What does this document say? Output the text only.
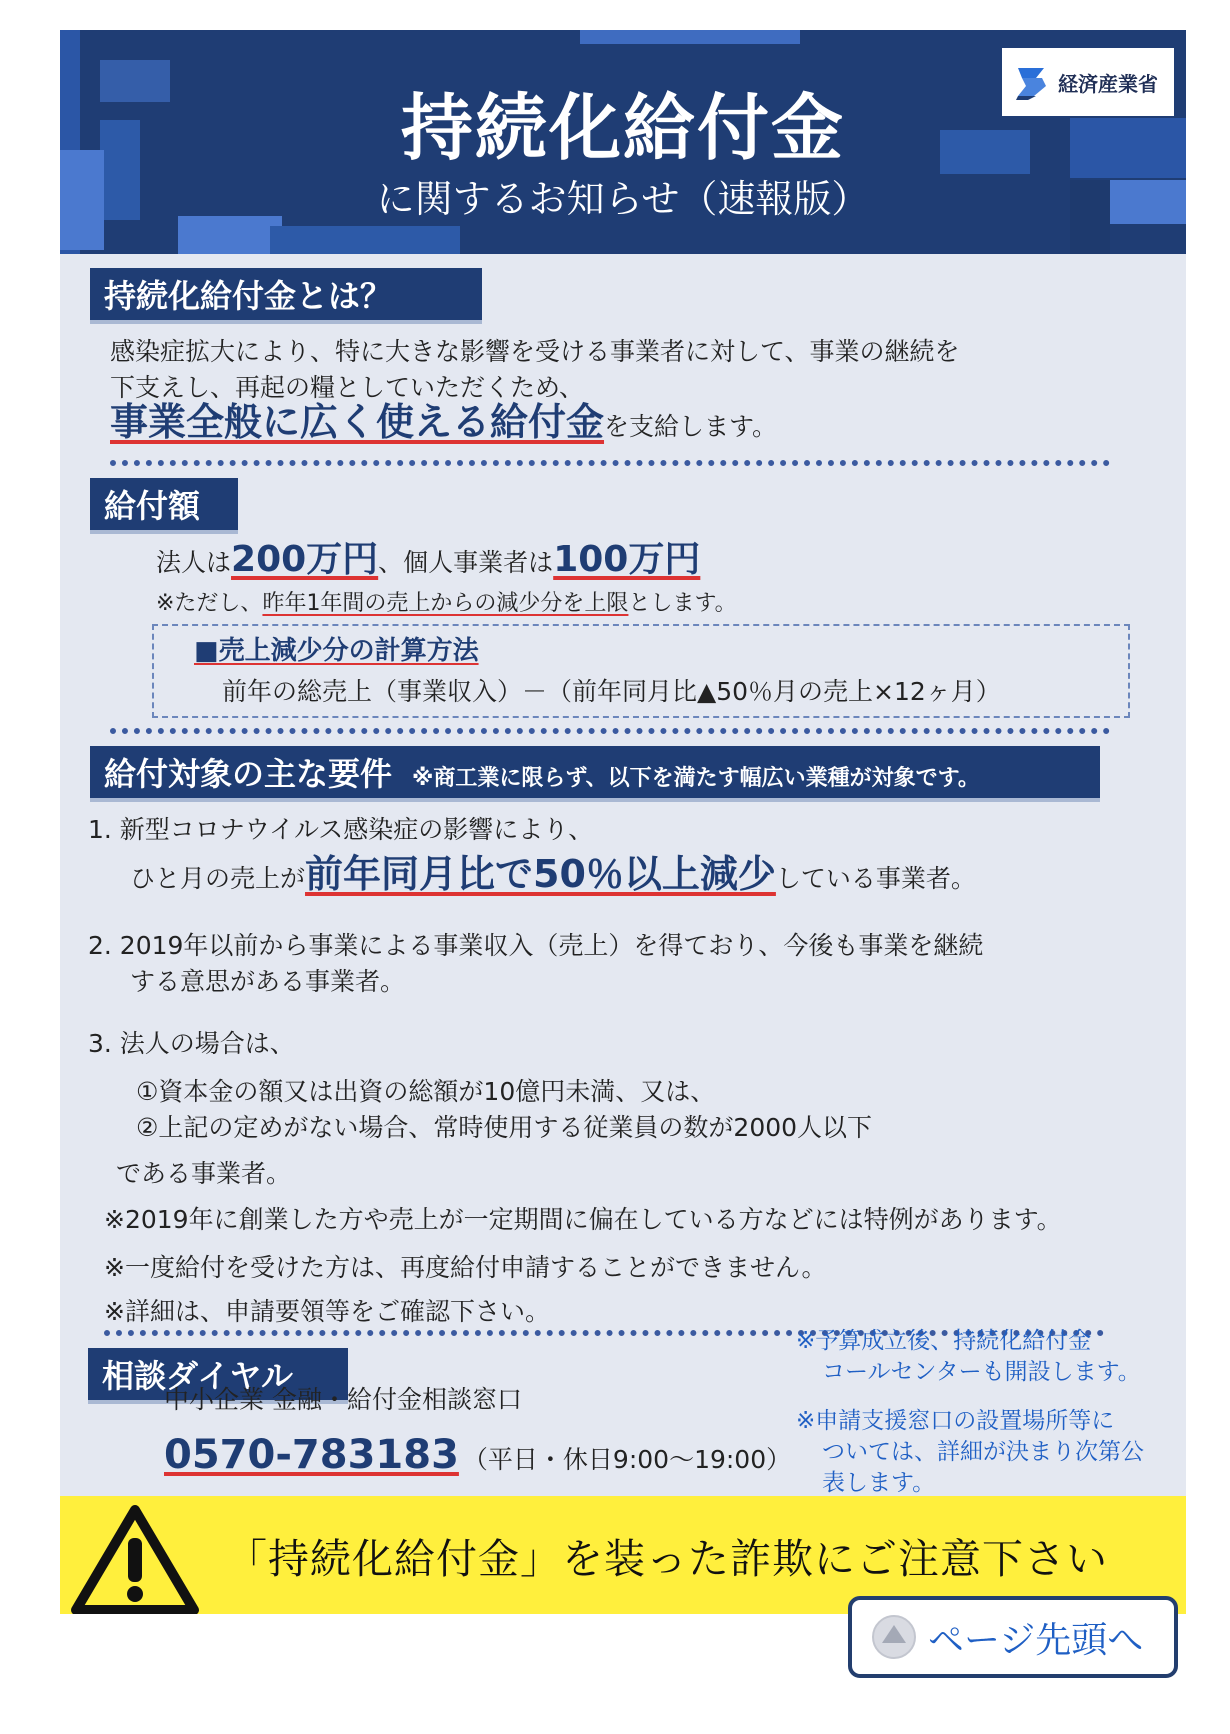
持続化給付金
に関するお知らせ（速報版）
経済産業省
持続化給付金とは？
感染症拡大により、特に大きな影響を受ける事業者に対して、事業の継続を
下支えし、再起の糧としていただくため、
事業全般に広く使える給付金を支給します。
給付額
法人は200万円、個人事業者は100万円
※ただし、昨年1年間の売上からの減少分を上限とします。
■売上減少分の計算方法
前年の総売上（事業収入）－（前年同月比▲50％月の売上×12ヶ月）
給付対象の主な要件 ※商工業に限らず、以下を満たす幅広い業種が対象です。
1. 新型コロナウイルス感染症の影響により、
ひと月の売上が前年同月比で50％以上減少している事業者。
2. 2019年以前から事業による事業収入（売上）を得ており、今後も事業を継続
する意思がある事業者。
3. 法人の場合は、
①資本金の額又は出資の総額が10億円未満、又は、
②上記の定めがない場合、常時使用する従業員の数が2000人以下
である事業者。
※2019年に創業した方や売上が一定期間に偏在している方などには特例があります。
※一度給付を受けた方は、再度給付申請することができません。
※詳細は、申請要領等をご確認下さい。
相談ダイヤル
中小企業 金融・給付金相談窓口
0570-783183 （平日・休日9:00～19:00）
※予算成立後、持続化給付金
コールセンターも開設します。
※申請支援窓口の設置場所等に
ついては、詳細が決まり次第公
表します。
「持続化給付金」を装った詐欺にご注意下さい
ページ先頭へ
